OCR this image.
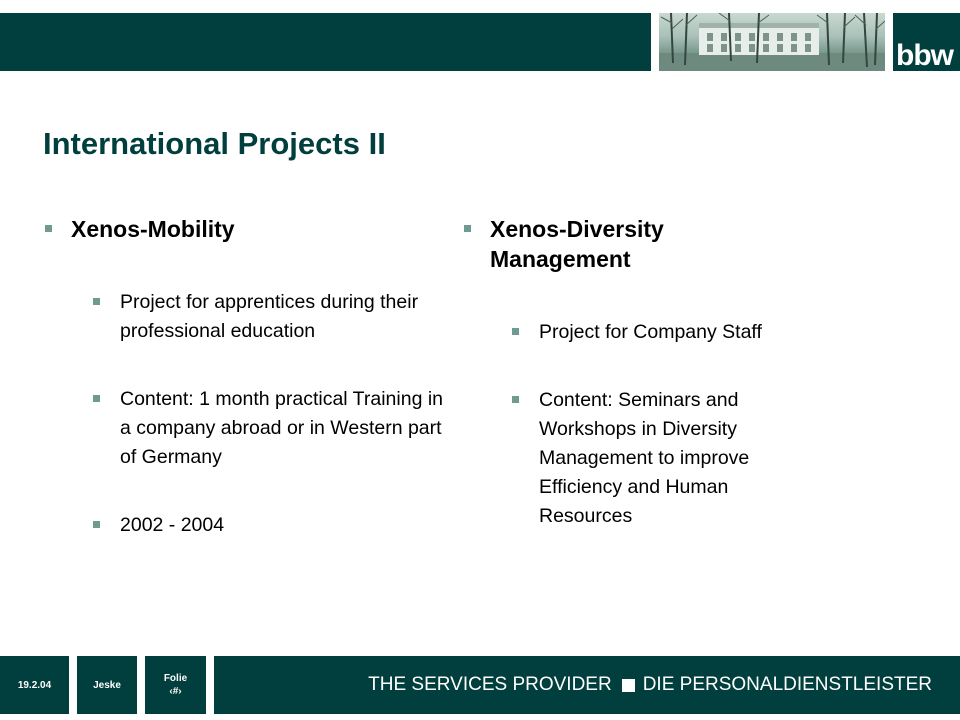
bbw
International Projects II
Xenos-Mobility
Project for apprentices during their professional education
Content: 1 month practical Training in a company abroad or in Western part of Germany
2002 - 2004
Xenos-Diversity Management
Project for Company Staff
Content: Seminars and Workshops in Diversity Management to improve Efficiency and Human Resources
19.2.04	Jeske
Folie
‹#›	THE SERVICES PROVIDER DIE PERSONALDIENSTLEISTER
